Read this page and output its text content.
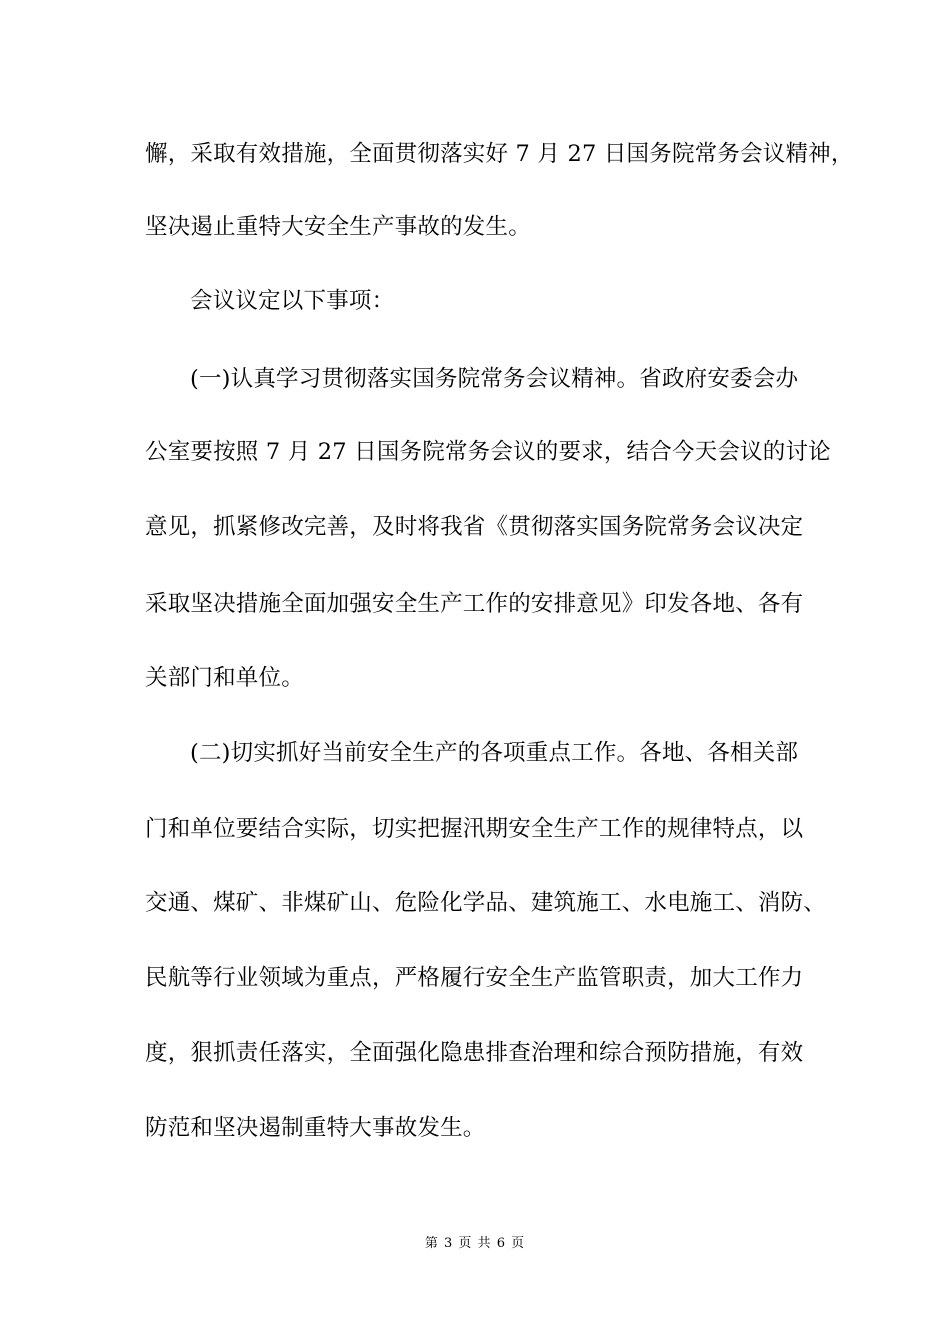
懈，采取有效措施，全面贯彻落实好 7 月 27 日国务院常务会议精神，
坚决遏止重特大安全生产事故的发生。
会议议定以下事项：
(一)认真学习贯彻落实国务院常务会议精神。省政府安委会办
公室要按照 7 月 27 日国务院常务会议的要求，结合今天会议的讨论
意见，抓紧修改完善，及时将我省《贯彻落实国务院常务会议决定
采取坚决措施全面加强安全生产工作的安排意见》印发各地、各有
关部门和单位。
(二)切实抓好当前安全生产的各项重点工作。各地、各相关部
门和单位要结合实际，切实把握汛期安全生产工作的规律特点，以
交通、煤矿、非煤矿山、危险化学品、建筑施工、水电施工、消防、
民航等行业领域为重点，严格履行安全生产监管职责，加大工作力
度，狠抓责任落实，全面强化隐患排查治理和综合预防措施，有效
防范和坚决遏制重特大事故发生。
第 3 页 共 6 页
